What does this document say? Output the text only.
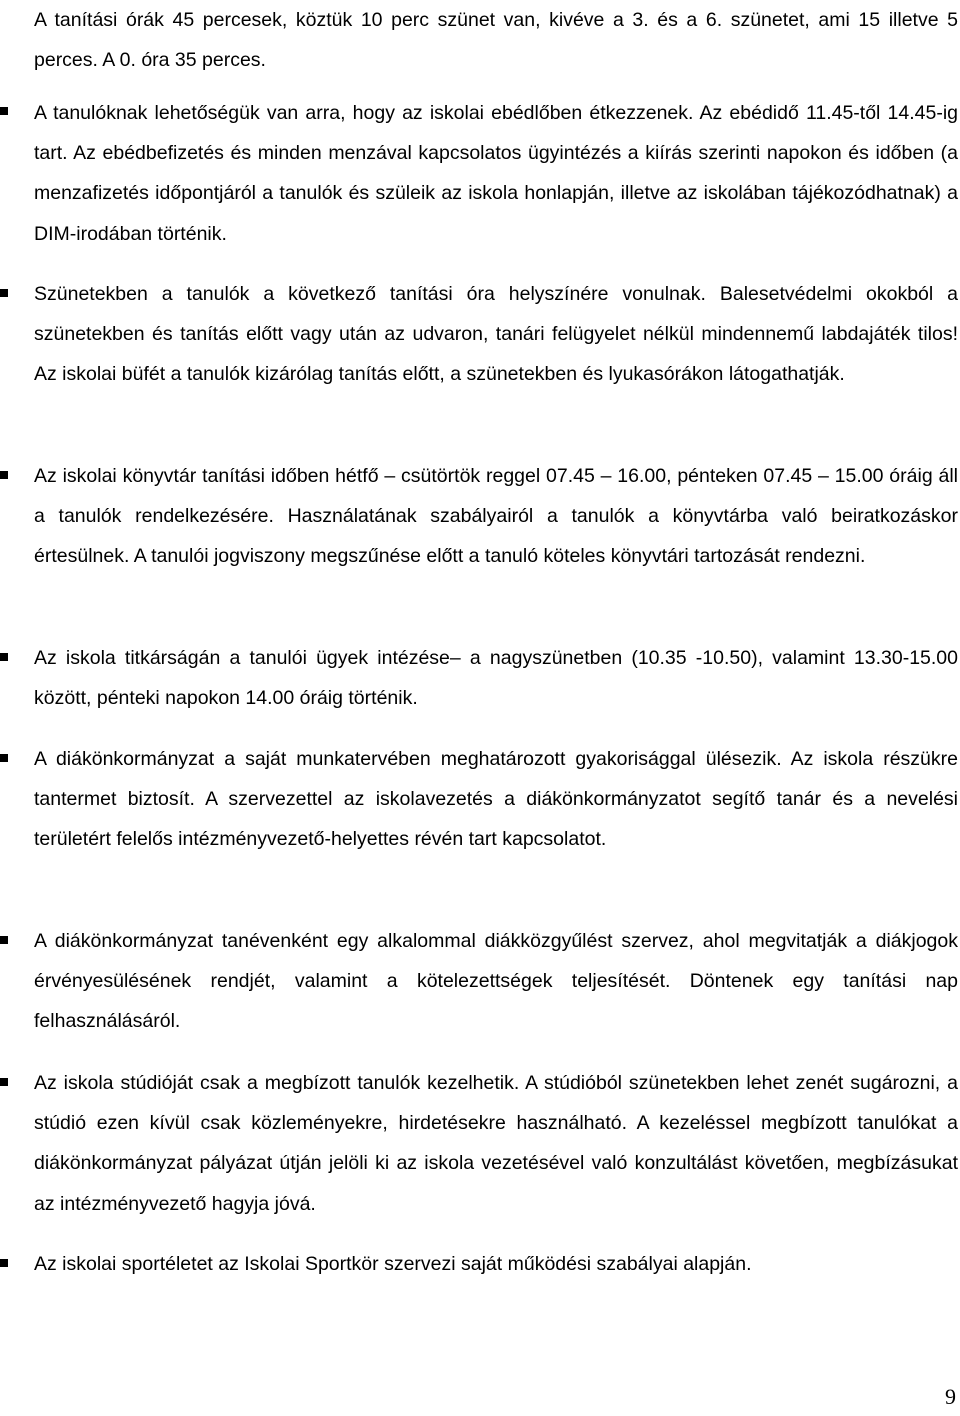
A tanítási órák 45 percesek, köztük 10 perc szünet van, kivéve a 3. és a 6. szünetet, ami 15 illetve 5 perces. A 0. óra 35 perces.

A tanulóknak lehetőségük van arra, hogy az iskolai ebédlőben étkezzenek. Az ebédidő 11.45-től 14.45-ig tart. Az ebédbefizetés és minden menzával kapcsolatos ügyintézés a kiírás szerinti napokon és időben (a menzafizetés időpontjáról a tanulók és szüleik az iskola honlapján, illetve az iskolában tájékozódhatnak) a DIM-irodában történik.

Szünetekben a tanulók a következő tanítási óra helyszínére vonulnak. Balesetvédelmi okokból a szünetekben és tanítás előtt vagy után az udvaron, tanári felügyelet nélkül mindennemű labdajáték tilos! Az iskolai büfét a tanulók kizárólag tanítás előtt, a szünetekben és lyukasórákon látogathatják.

Az iskolai könyvtár tanítási időben hétfő – csütörtök reggel 07.45 – 16.00, pénteken 07.45 – 15.00 óráig áll a tanulók rendelkezésére. Használatának szabályairól a tanulók a könyvtárba való beiratkozáskor értesülnek. A tanulói jogviszony megszűnése előtt a tanuló köteles könyvtári tartozását rendezni.

Az iskola titkárságán a tanulói ügyek intézése– a nagyszünetben (10.35 -10.50), valamint 13.30-15.00 között, pénteki napokon 14.00 óráig történik.

A diákönkormányzat a saját munkatervében meghatározott gyakorisággal ülésezik. Az iskola részükre tantermet biztosít. A szervezettel az iskolavezetés a diákönkormányzatot segítő tanár és a nevelési területért felelős intézményvezető-helyettes révén tart kapcsolatot.

A diákönkormányzat tanévenként egy alkalommal diákközgyűlést szervez, ahol megvitatják a diákjogok érvényesülésének rendjét, valamint a kötelezettségek teljesítését. Döntenek egy tanítási nap felhasználásáról.

Az iskola stúdióját csak a megbízott tanulók kezelhetik. A stúdióból szünetekben lehet zenét sugározni, a stúdió ezen kívül csak közleményekre, hirdetésekre használható. A kezeléssel megbízott tanulókat a diákönkormányzat pályázat útján jelöli ki az iskola vezetésével való konzultálást követően, megbízásukat az intézményvezető hagyja jóvá.

Az iskolai sportéletet az Iskolai Sportkör szervezi saját működési szabályai alapján.

9
